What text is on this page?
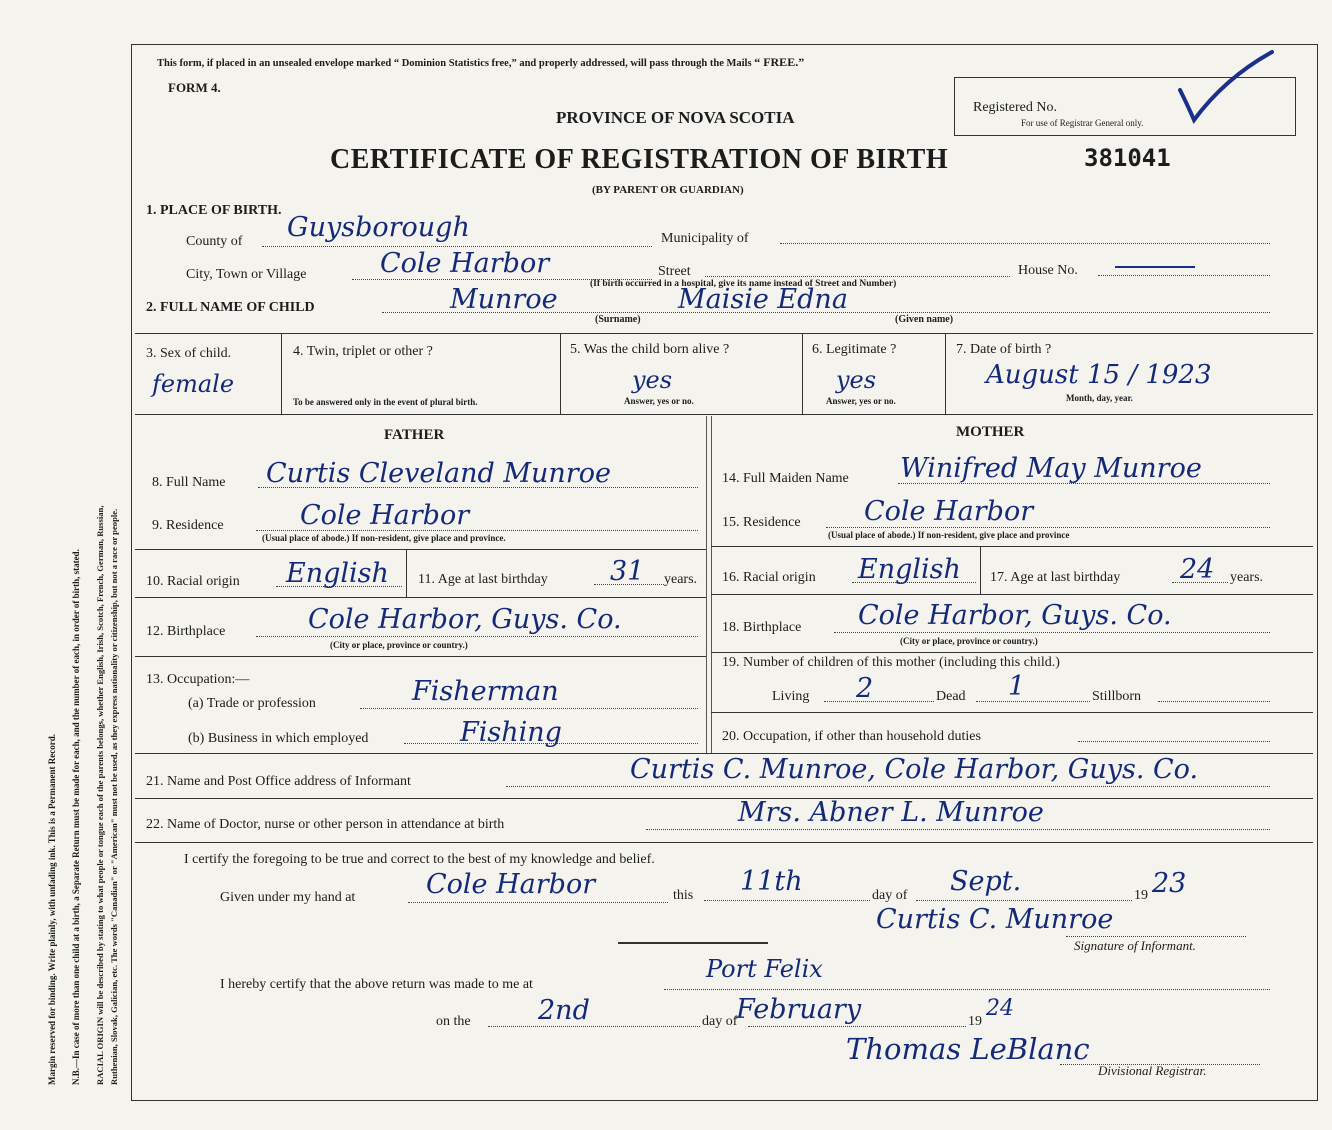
Margin reserved for binding. Write plainly, with unfading ink. This is a Permanent Record. N.B.—In case of more than one child at a birth, a Separate Return must be made for each, and the number of each, in order of birth, stated. RACIAL ORIGIN will be described by stating to what people or tongue each of the parents belongs, whether English, Irish, Scotch, French, German, Russian, Ruthenian, Slovak, Galician, etc. The words "Canadian" or "American" must not be used, as they express nationality or citizenship, but not a race or people.
This form, if placed in an unsealed envelope marked “ Dominion Statistics free,” and properly addressed, will pass through the Mails “ FREE.”
FORM 4.
PROVINCE OF NOVA SCOTIA
CERTIFICATE OF REGISTRATION OF BIRTH
(BY PARENT OR GUARDIAN)
Registered No.
For use of Registrar General only.
381041
1. PLACE OF BIRTH.
County of Guysborough	Municipality of
City, Town or Village	Cole Harbor	Street
(If birth occurred in a hospital, give its name instead of Street and Number)
House No.
2. FULL NAME OF CHILD	Munroe	Maisie Edna
(Surname)	(Given name)
3. Sex of child.
female
4. Twin, triplet or other ?
To be answered only in the event of plural birth.
5. Was the child born alive ?
yes
Answer, yes or no.
6. Legitimate ?
yes
Answer, yes or no.
7. Date of birth ?
August 15 / 1923
Month, day, year.
FATHER	MOTHER
8. Full Name Curtis Cleveland Munroe
9. Residence	Cole Harbor
(Usual place of abode.) If non-resident, give place and province.
10. Racial origin English 11. Age at last birthday 31 years.
12. Birthplace	Cole Harbor, Guys. Co.
(City or place, province or country.)
13. Occupation:—
(a) Trade or profession	Fisherman
(b) Business in which employed	Fishing
14. Full Maiden Name Winifred May Munroe
15. Residence Cole Harbor
(Usual place of abode.) If non-resident, give place and province
16. Racial origin English 17. Age at last birthday 24 years.
18. Birthplace Cole Harbor, Guys. Co.
(City or place, province or country.)
19. Number of children of this mother (including this child.)
Living 2	Dead 1	Stillborn
20. Occupation, if other than household duties
21. Name and Post Office address of Informant	Curtis C. Munroe, Cole Harbor, Guys. Co.
22. Name of Doctor, nurse or other person in attendance at birth	Mrs. Abner L. Munroe
I certify the foregoing to be true and correct to the best of my knowledge and belief.
Given under my hand at	Cole Harbor	this 11th	day of Sept.	19 23
Curtis C. Munroe
Signature of Informant.
I hereby certify that the above return was made to me at
Port Felix
on the 2nd	day of
February	19
24
Thomas LeBlanc
Divisional Registrar.
